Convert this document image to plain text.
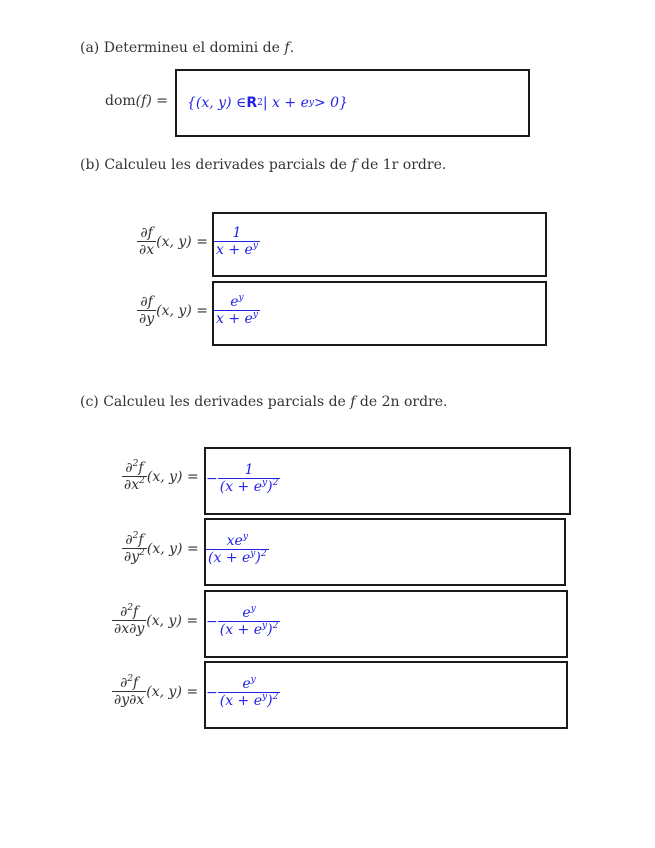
(a) Determineu el domini de f.
dom (f)
= {(x, y) ∈ R 2 | x + e y > 0}
(b) Calculeu les derivades parcials de f de 1r ordre.
$\frac{\partial f}{\partial x} (x$, $y) = \frac{1}{x + e^y}$
$\frac{\partial f}{\partial y} (x$, $y) = \frac{e^y}{x + e^y}$
(c) Calculeu les derivades parcials de f de 2n ordre.
$\frac{\partial^2f}{\partial x^2} (x$, y) = − $\frac{1}{(x + e^y)^2}$
$\frac{\partial^2f}{\partial y^2} (x$, $y) = \frac{xe^y}{(x + e^y)^2}$
$\frac{\partial^2f}{\partial x\partial y} (x$, y) = − $\frac{e^y}{(x + e^y)^2}$
$\frac{\partial^2f}{\partial y\partial x} (x$, y) = − $\frac{e^y}{(x + e^y)^2}$
